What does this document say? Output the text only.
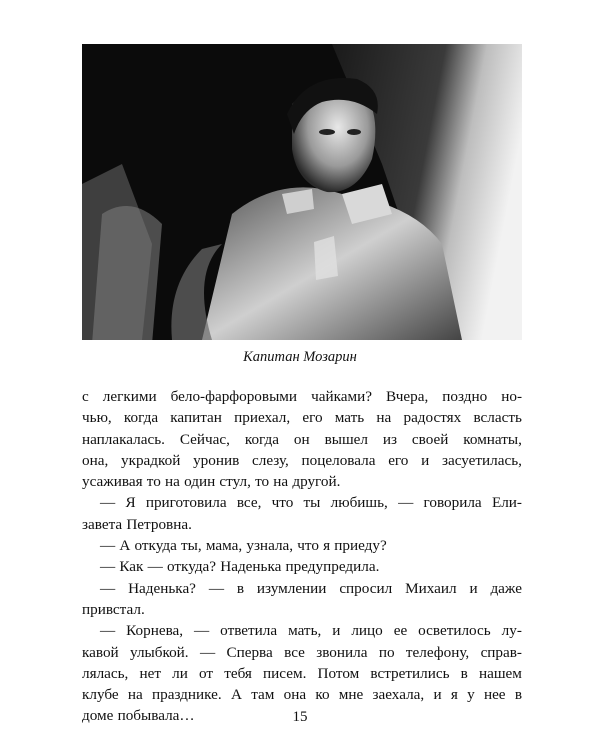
Капитан Мозарин
с легкими бело-фарфоровыми чайками? Вчера, поздно но-
чью, когда капитан приехал, его мать на радостях всласть
наплакалась. Сейчас, когда он вышел из своей комнаты,
она, украдкой уронив слезу, поцеловала его и засуетилась,
усаживая то на один стул, то на другой.
— Я приготовила все, что ты любишь, — говорила Ели-
завета Петровна.
— А откуда ты, мама, узнала, что я приеду?
— Как — откуда? Наденька предупредила.
— Наденька? — в изумлении спросил Михаил и даже
привстал.
— Корнева, — ответила мать, и лицо ее осветилось лу-
кавой улыбкой. — Сперва все звонила по телефону, справ-
лялась, нет ли от тебя писем. Потом встретились в нашем
клубе на празднике. А там она ко мне заехала, и я у нее в
доме побывала…	15
